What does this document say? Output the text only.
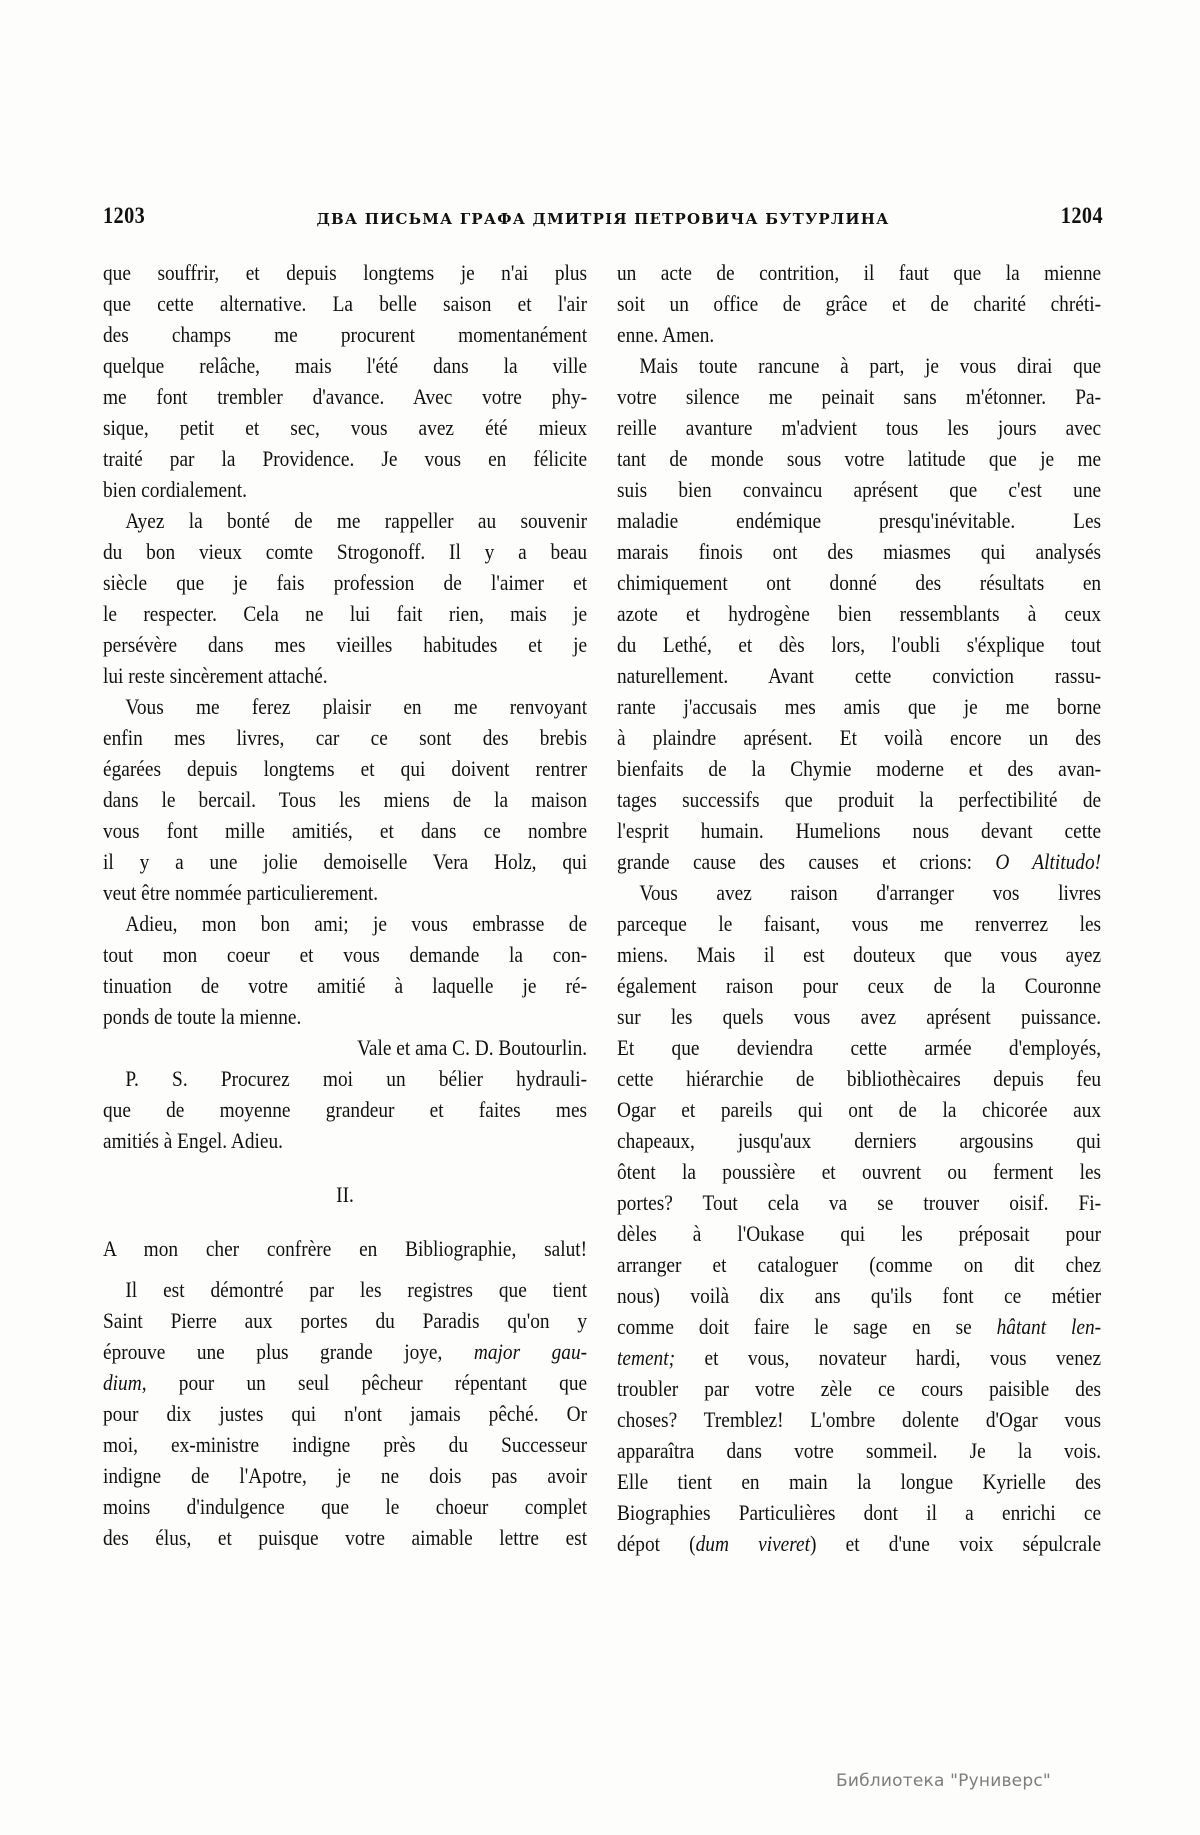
1203	ДВА ПИСЬМА ГРАФА ДМИТРІЯ ПЕТРОВИЧА БУТУРЛИНА	1204
que souffrir, et depuis longtems je n'ai plus
que cette alternative. La belle saison et l'air
des champs me procurent momentanément
quelque relâche, mais l'été dans la ville
me font trembler d'avance. Avec votre phy-
sique, petit et sec, vous avez été mieux
traité par la Providence. Je vous en félicite
bien cordialement.
Ayez la bonté de me rappeller au souvenir
du bon vieux comte Strogonoff. Il y a beau
siècle que je fais profession de l'aimer et
le respecter. Cela ne lui fait rien, mais je
persévère dans mes vieilles habitudes et je
lui reste sincèrement attaché.
Vous me ferez plaisir en me renvoyant
enfin mes livres, car ce sont des brebis
égarées depuis longtems et qui doivent rentrer
dans le bercail. Tous les miens de la maison
vous font mille amitiés, et dans ce nombre
il y a une jolie demoiselle Vera Holz, qui
veut être nommée particulierement.
Adieu, mon bon ami; je vous embrasse de
tout mon coeur et vous demande la con-
tinuation de votre amitié à laquelle je ré-
ponds de toute la mienne.
Vale et ama C. D. Boutourlin.
P. S. Procurez moi un bélier hydrauli-
que de moyenne grandeur et faites mes
amitiés à Engel. Adieu.
II.
A mon cher confrère en Bibliographie, salut!
Il est démontré par les registres que tient
Saint Pierre aux portes du Paradis qu'on y
éprouve une plus grande joye, major gau-
dium, pour un seul pêcheur répentant que
pour dix justes qui n'ont jamais pêché. Or
moi, ex-ministre indigne près du Successeur
indigne de l'Apotre, je ne dois pas avoir
moins d'indulgence que le choeur complet
des élus, et puisque votre aimable lettre est
un acte de contrition, il faut que la mienne
soit un office de grâce et de charité chréti-
enne. Amen.
Mais toute rancune à part, je vous dirai que
votre silence me peinait sans m'étonner. Pa-
reille avanture m'advient tous les jours avec
tant de monde sous votre latitude que je me
suis bien convaincu aprésent que c'est une
maladie endémique presqu'inévitable. Les
marais finois ont des miasmes qui analysés
chimiquement ont donné des résultats en
azote et hydrogène bien ressemblants à ceux
du Lethé, et dès lors, l'oubli s'éxplique tout
naturellement. Avant cette conviction rassu-
rante j'accusais mes amis que je me borne
à plaindre aprésent. Et voilà encore un des
bienfaits de la Chymie moderne et des avan-
tages successifs que produit la perfectibilité de
l'esprit humain. Humelions nous devant cette
grande cause des causes et crions: O Altitudo!
Vous avez raison d'arranger vos livres
parceque le faisant, vous me renverrez les
miens. Mais il est douteux que vous ayez
également raison pour ceux de la Couronne
sur les quels vous avez aprésent puissance.
Et que deviendra cette armée d'employés,
cette hiérarchie de bibliothècaires depuis feu
Ogar et pareils qui ont de la chicorée aux
chapeaux, jusqu'aux derniers argousins qui
ôtent la poussière et ouvrent ou ferment les
portes? Tout cela va se trouver oisif. Fi-
dèles à l'Oukase qui les préposait pour
arranger et cataloguer (comme on dit chez
nous) voilà dix ans qu'ils font ce métier
comme doit faire le sage en se hâtant len-
tement; et vous, novateur hardi, vous venez
troubler par votre zèle ce cours paisible des
choses? Tremblez! L'ombre dolente d'Ogar vous
apparaîtra dans votre sommeil. Je la vois.
Elle tient en main la longue Kyrielle des
Biographies Particulières dont il a enrichi ce
dépot (dum viveret) et d'une voix sépulcrale
Библиотека "Руниверс"
